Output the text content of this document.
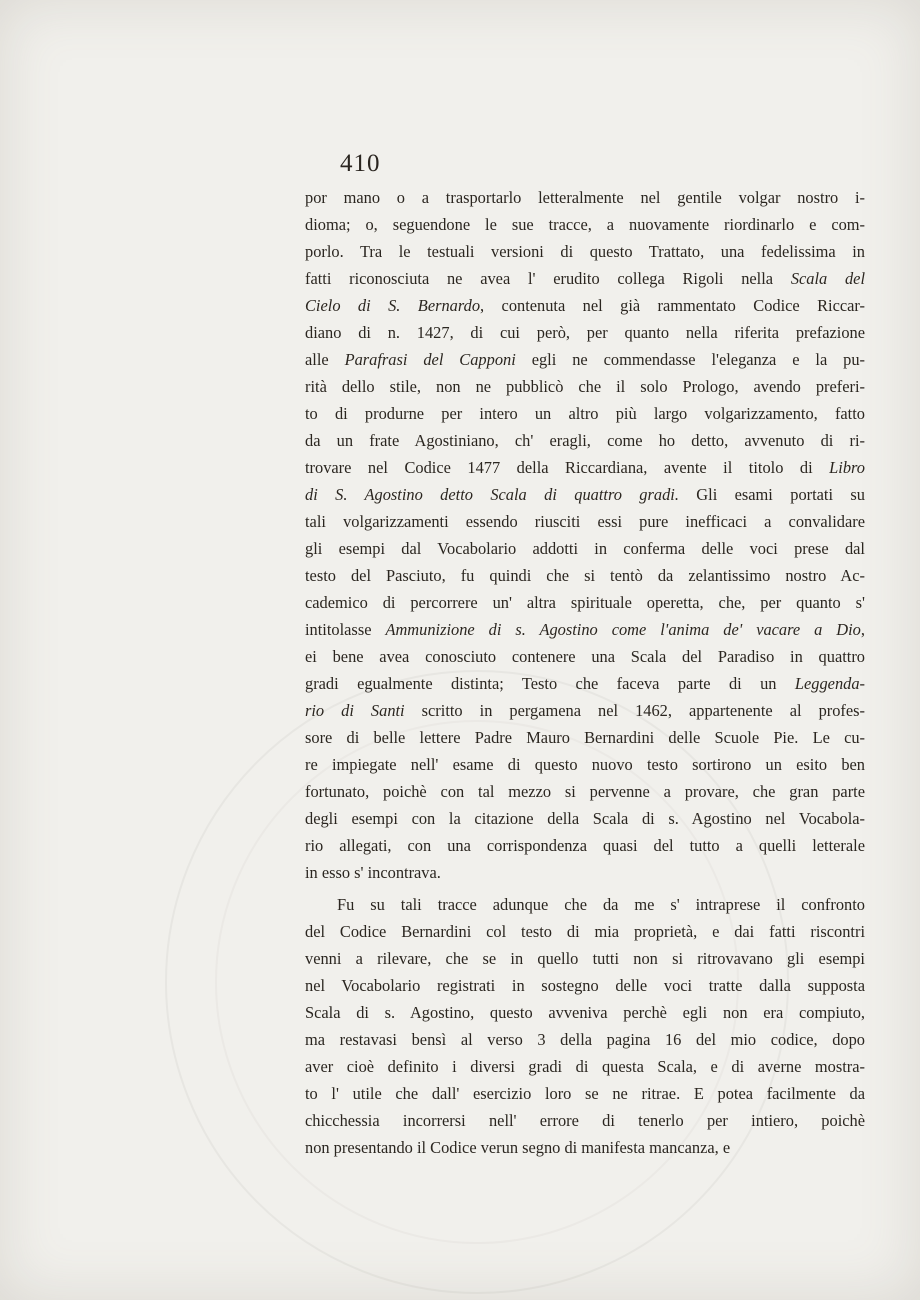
410
por mano o a trasportarlo letteralmente nel gentile volgar nostro i-
dioma; o, seguendone le sue tracce, a nuovamente riordinarlo e com-
porlo. Tra le testuali versioni di questo Trattato, una fedelissima in
fatti riconosciuta ne avea l' erudito collega Rigoli nella Scala del
Cielo di S. Bernardo, contenuta nel già rammentato Codice Riccar-
diano di n. 1427, di cui però, per quanto nella riferita prefazione
alle Parafrasi del Capponi egli ne commendasse l'eleganza e la pu-
rità dello stile, non ne pubblicò che il solo Prologo, avendo preferi-
to di produrne per intero un altro più largo volgarizzamento, fatto
da un frate Agostiniano, ch' eragli, come ho detto, avvenuto di ri-
trovare nel Codice 1477 della Riccardiana, avente il titolo di Libro
di S. Agostino detto Scala di quattro gradi. Gli esami portati su
tali volgarizzamenti essendo riusciti essi pure inefficaci a convalidare
gli esempi dal Vocabolario addotti in conferma delle voci prese dal
testo del Pasciuto, fu quindi che si tentò da zelantissimo nostro Ac-
cademico di percorrere un' altra spirituale operetta, che, per quanto s'
intitolasse Ammunizione di s. Agostino come l'anima de' vacare a Dio,
ei bene avea conosciuto contenere una Scala del Paradiso in quattro
gradi egualmente distinta; Testo che faceva parte di un Leggenda-
rio di Santi scritto in pergamena nel 1462, appartenente al profes-
sore di belle lettere Padre Mauro Bernardini delle Scuole Pie. Le cu-
re impiegate nell' esame di questo nuovo testo sortirono un esito ben
fortunato, poichè con tal mezzo si pervenne a provare, che gran parte
degli esempi con la citazione della Scala di s. Agostino nel Vocabola-
rio allegati, con una corrispondenza quasi del tutto a quelli letterale
in esso s' incontrava.
Fu su tali tracce adunque che da me s' intraprese il confronto
del Codice Bernardini col testo di mia proprietà, e dai fatti riscontri
venni a rilevare, che se in quello tutti non si ritrovavano gli esempi
nel Vocabolario registrati in sostegno delle voci tratte dalla supposta
Scala di s. Agostino, questo avveniva perchè egli non era compiuto,
ma restavasi bensì al verso 3 della pagina 16 del mio codice, dopo
aver cioè definito i diversi gradi di questa Scala, e di averne mostra-
to l' utile che dall' esercizio loro se ne ritrae. E potea facilmente da
chicchessia incorrersi nell' errore di tenerlo per intiero, poichè
non presentando il Codice verun segno di manifesta mancanza, e
